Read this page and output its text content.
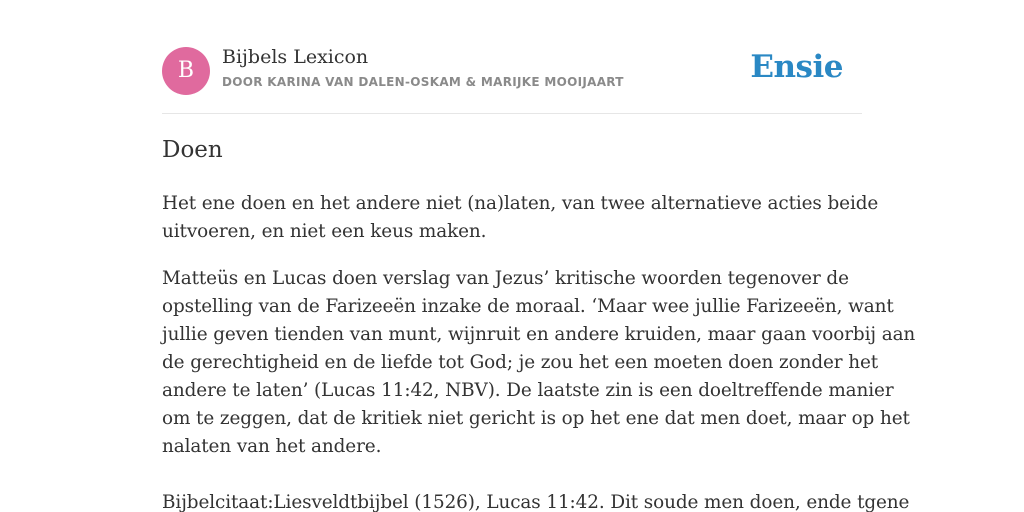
B
Bijbels Lexicon
DOOR KARINA VAN DALEN-OSKAM & MARIJKE MOOIJAART	Ensie
Doen

Het ene doen en het andere niet (na)laten, van twee alternatieve acties beide
uitvoeren, en niet een keus maken.

Matteüs en Lucas doen verslag van Jezus’ kritische woorden tegenover de
opstelling van de Farizeeën inzake de moraal. ‘Maar wee jullie Farizeeën, want
jullie geven tienden van munt, wijnruit en andere kruiden, maar gaan voorbij aan
de gerechtigheid en de liefde tot God; je zou het een moeten doen zonder het
andere te laten’ (Lucas 11:42, NBV). De laatste zin is een doeltreffende manier
om te zeggen, dat de kritiek niet gericht is op het ene dat men doet, maar op het
nalaten van het andere.

Bijbelcitaat:Liesveldtbijbel (1526), Lucas 11:42. Dit soude men doen, ende tgene
